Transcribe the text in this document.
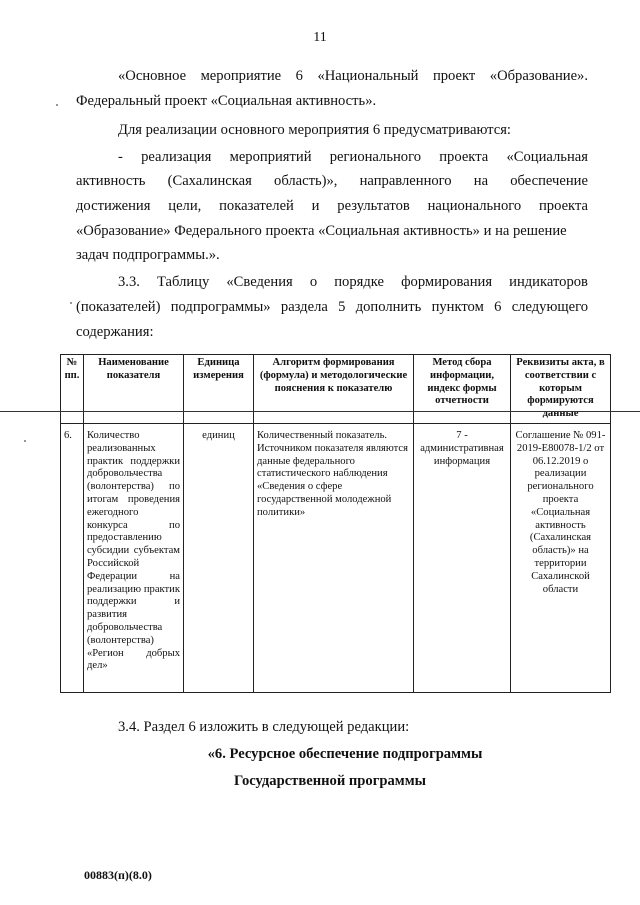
11
«Основное мероприятие 6 «Национальный проект «Образование».
Федеральный проект «Социальная активность».
Для реализации основного мероприятия 6 предусматриваются:
- реализация мероприятий регионального проекта «Социальная
активность (Сахалинская область)», направленного на обеспечение
достижения цели, показателей и результатов национального проекта
«Образование» Федерального проекта «Социальная активность» и на решение
задач подпрограммы.».
3.3. Таблицу «Сведения о порядке формирования индикаторов
(показателей) подпрограммы» раздела 5 дополнить пунктом 6 следующего
содержания:
№ пп.	Наименование показателя	Единица измерения	Алгоритм формирования (формула) и методологические пояснения к показателю	Метод сбора информации, индекс формы отчетности	Реквизиты акта, в соответствии с которым формируются данные
6.	Количество реализованных практик поддержки добровольчества (волонтерства) по итогам проведения ежегодного конкурса по предоставлению субсидии субъектам Российской Федерации на реализацию практик поддержки и развития добровольчества (волонтерства) «Регион добрых дел»	единиц	Количественный показатель. Источником показателя являются данные федерального статистического наблюдения «Сведения о сфере государственной молодежной политики»	7 - административная информация	Соглашение № 091-2019-Е80078-1/2 от 06.12.2019 о реализации регионального проекта «Социальная активность (Сахалинская область)» на территории Сахалинской области
3.4. Раздел 6 изложить в следующей редакции:
«6. Ресурсное обеспечение подпрограммы
Государственной программы
00883(п)(8.0)
